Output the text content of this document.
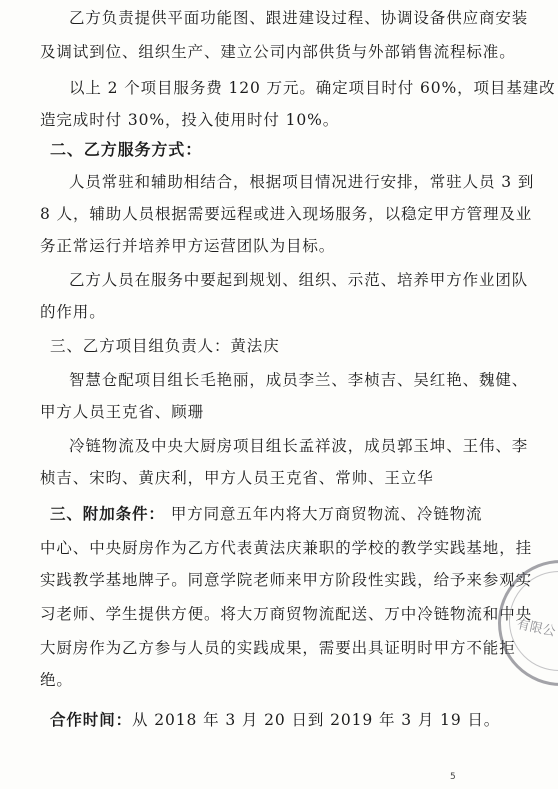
乙方负责提供平面功能图、跟进建设过程、协调设备供应商安装
及调试到位、组织生产、建立公司内部供货与外部销售流程标准。
以上 2 个项目服务费 120 万元。确定项目时付 60%，项目基建改
造完成时付 30%，投入使用时付 10%。
二、乙方服务方式：
人员常驻和辅助相结合，根据项目情况进行安排，常驻人员 3 到
8 人，辅助人员根据需要远程或进入现场服务，以稳定甲方管理及业
务正常运行并培养甲方运营团队为目标。
乙方人员在服务中要起到规划、组织、示范、培养甲方作业团队
的作用。
三、乙方项目组负责人：黄法庆
智慧仓配项目组长毛艳丽，成员李兰、李桢吉、吴红艳、魏健、
甲方人员王克省、顾珊
冷链物流及中央大厨房项目组长孟祥波，成员郭玉坤、王伟、李
桢吉、宋昀、黄庆利，甲方人员王克省、常帅、王立华
三、附加条件： 甲方同意五年内将大万商贸物流、冷链物流
中心、中央厨房作为乙方代表黄法庆兼职的学校的教学实践基地，挂
实践教学基地牌子。同意学院老师来甲方阶段性实践，给予来参观实
习老师、学生提供方便。将大万商贸物流配送、万中冷链物流和中央
大厨房作为乙方参与人员的实践成果，需要出具证明时甲方不能拒
绝。
合作时间：从 2018 年 3 月 20 日到 2019 年 3 月 19 日。
有限公
5
